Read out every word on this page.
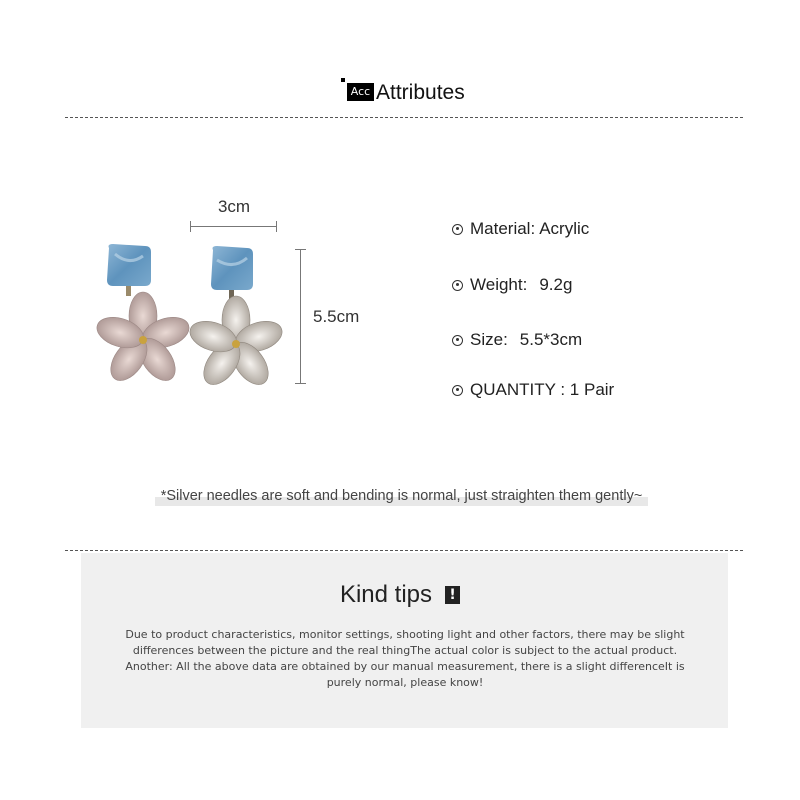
Acc Attributes
3cm
5.5cm
Material: Acrylic
Weight: 9.2g
Size: 5.5*3cm
QUANTITY : 1 Pair
*Silver needles are soft and bending is normal, just straighten them gently~
Kind tips	!
Due to product characteristics, monitor settings, shooting light and other factors, there may be slight differences between the picture and the real thingThe actual color is subject to the actual product. Another: All the above data are obtained by our manual measurement, there is a slight differenceIt is purely normal, please know!
